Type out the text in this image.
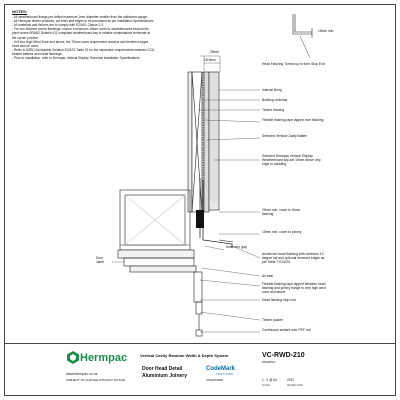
NOTES:
- All weatherboard fixings pre-drilled maximum 1mm diameter smaller than the nail/screw gauge.
- All Hermpac timber products, cut ends and edges to be precoated as per Installation Specifications.
- All materials and fixtures are to comply with E2/AS1 Clause 2.3.
- For non-tinished corner flashings, ensure a minimum 15mm cover to weatherboards beyond the
point where BRANZ Bulletin 411 compliant weatherboard tap or reliable combinations terminate at
the corner junction.
- In Extra High Wind Zone and above, the 75mm cover requirement remains and hemmed edges
must also be used.
- Refer to NZBC Acceptable Solution E2/AS1 Table 21 for the separation requirements between CCA
treated battens and metal flashings.
- Prior to installation, refer to Hermpac Vertical Shiplap Technical Installation Specifications.
15mm min.
Head Flashing Turned up to form Stop End
28mm
18.5mm
Internal lining
Building underlay
Timber framing
Flexible flashing tape lapped over flashing
Selected Vertical Cavity Batten
Selected Hermpac Vertical Shiplap Weatherboard slip-set 15mm above drip edge to cladding
20mm min. cover to Head flashing
10mm min. cover to joinery
5mm min. gap
Aluminium head flashing with minimum 10 degree fall and optional hemmed edges as per Table 7 E2/AS1
Air seal
Flexible flashing tape lapped between head flashing and joinery flange in very high wind zone and above
Head flashing stop end
Timber packer
Continuous sealant over PEF rod
Door Jamb
Hermpac
www.hermpac.co.nz
SUBJECT TO CHANGE WITHOUT NOTICE
Vertical Cavity Random Width & Depth System
Door Head Detail
Aluminium Joinery
CodeMark
CERTIFIED
CMNZ70008
VC-RWD-210
DRAWING
1 : 2 @ A4	2022
SCALE	ISSUED DATE
